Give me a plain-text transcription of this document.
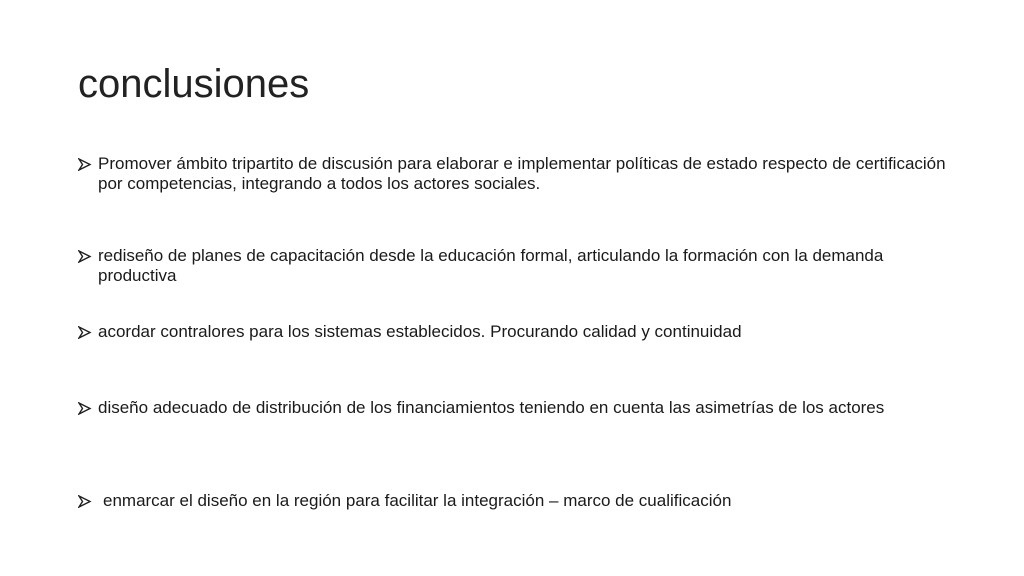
conclusiones
Promover ámbito tripartito de discusión para elaborar e implementar políticas de estado respecto de certificación por competencias, integrando a todos los actores sociales.
rediseño de planes de capacitación desde la educación formal, articulando la formación con la demanda productiva
acordar contralores para los sistemas establecidos. Procurando calidad y continuidad
diseño adecuado de distribución de los financiamientos teniendo en cuenta las asimetrías de los actores
enmarcar el diseño en la región para facilitar la integración – marco de cualificación
